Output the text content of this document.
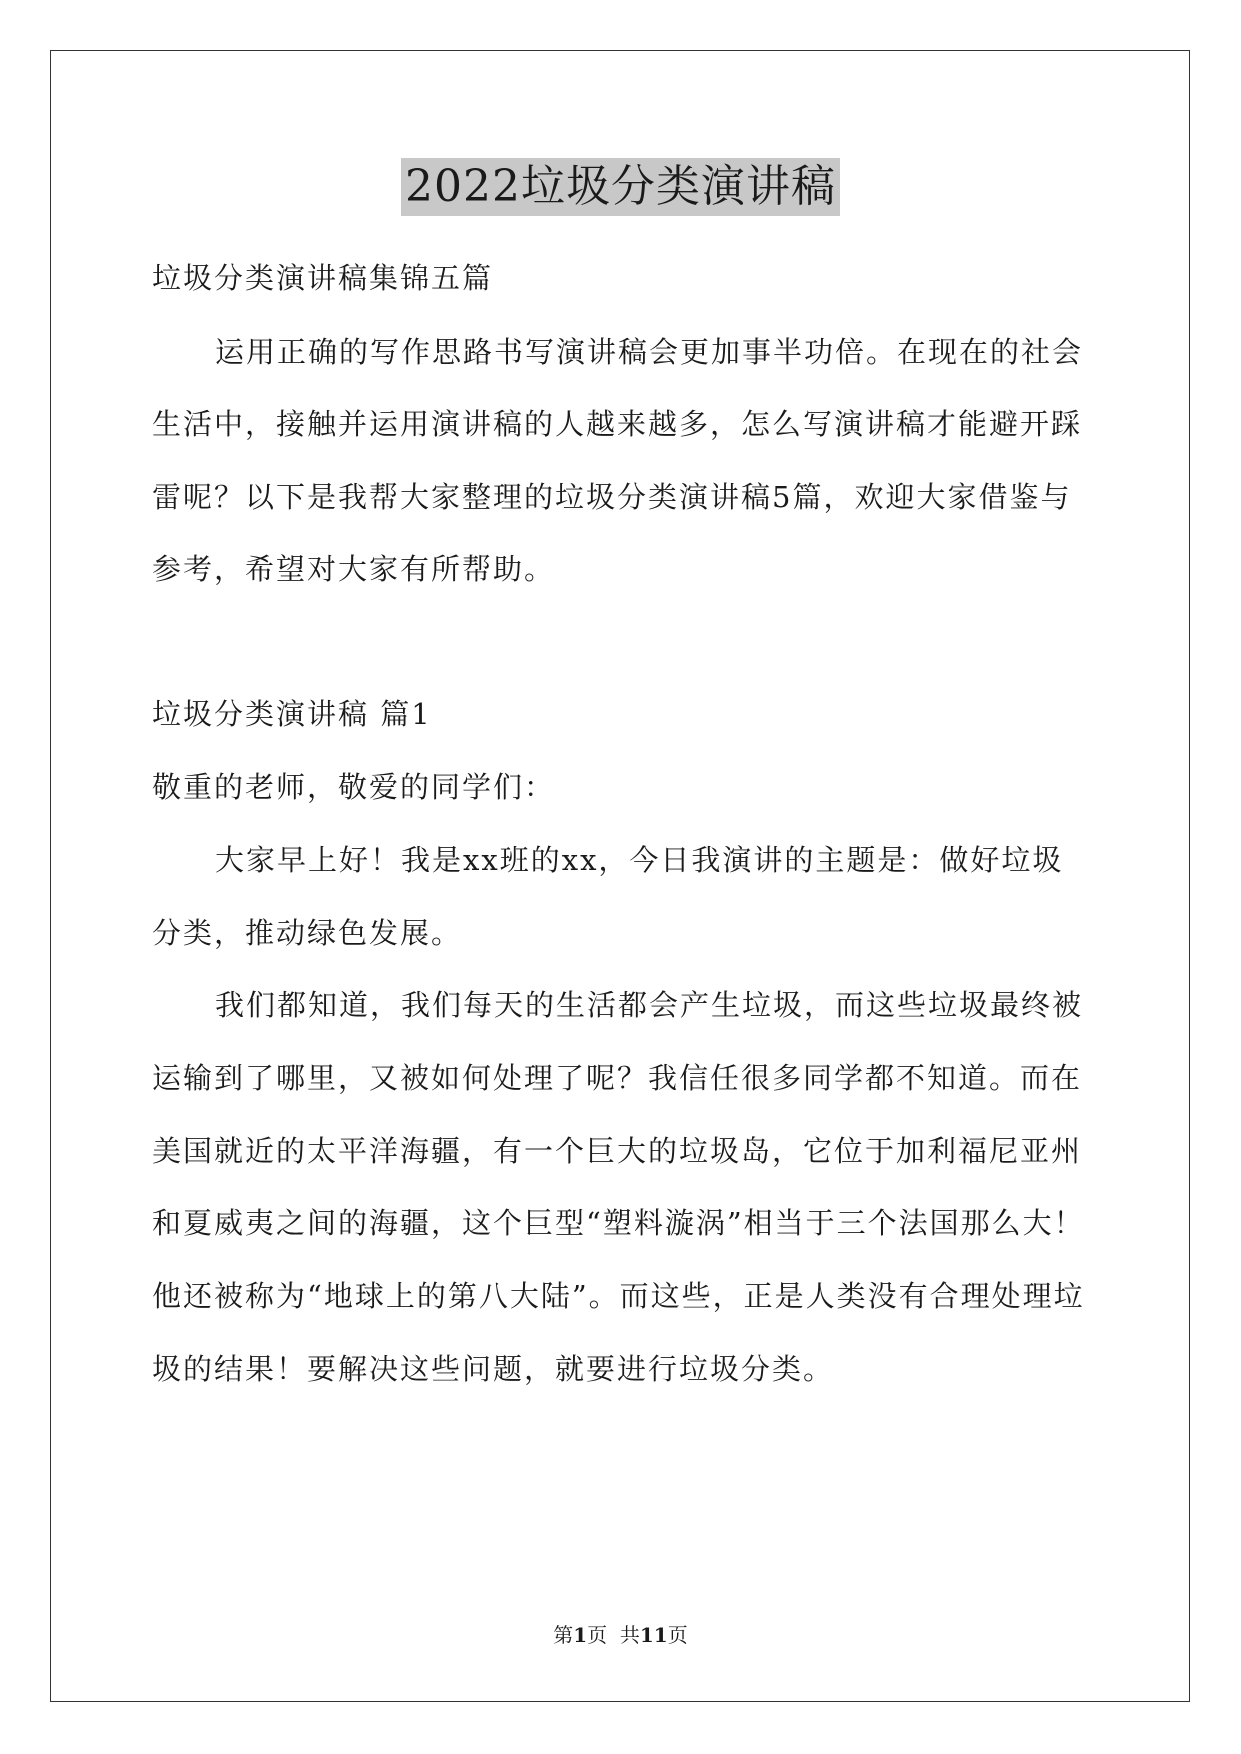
2022垃圾分类演讲稿
垃圾分类演讲稿集锦五篇
运用正确的写作思路书写演讲稿会更加事半功倍。在现在的社会
生活中，接触并运用演讲稿的人越来越多，怎么写演讲稿才能避开踩
雷呢？以下是我帮大家整理的垃圾分类演讲稿5篇，欢迎大家借鉴与
参考，希望对大家有所帮助。
垃圾分类演讲稿 篇1
敬重的老师，敬爱的同学们：
大家早上好！我是xx班的xx，今日我演讲的主题是：做好垃圾
分类，推动绿色发展。
我们都知道，我们每天的生活都会产生垃圾，而这些垃圾最终被
运输到了哪里，又被如何处理了呢？我信任很多同学都不知道。而在
美国就近的太平洋海疆，有一个巨大的垃圾岛，它位于加利福尼亚州
和夏威夷之间的海疆，这个巨型“塑料漩涡”相当于三个法国那么大！
他还被称为“地球上的第八大陆”。而这些，正是人类没有合理处理垃
圾的结果！要解决这些问题，就要进行垃圾分类。
第1页  共11页
